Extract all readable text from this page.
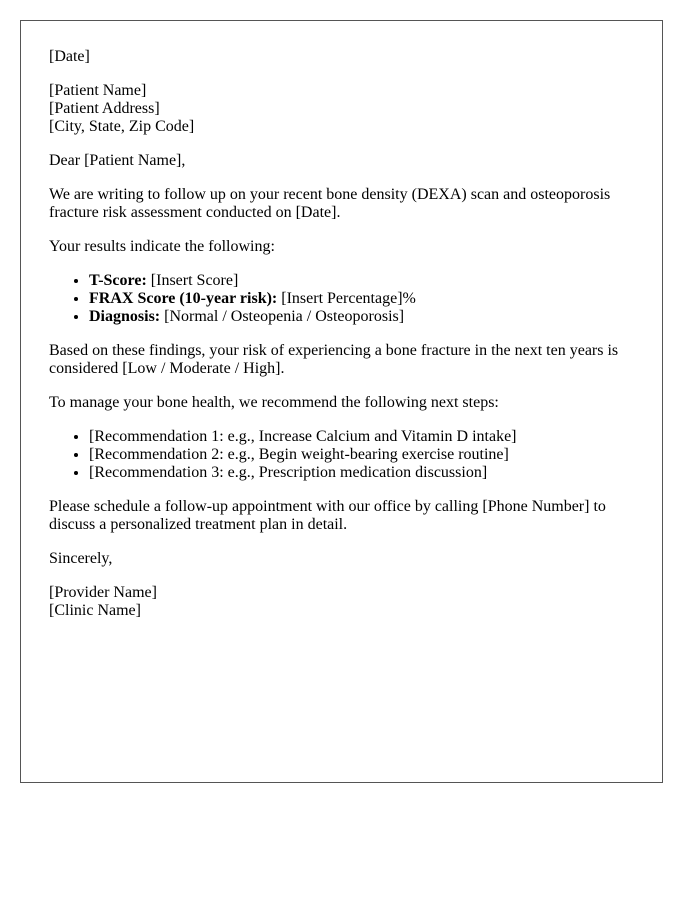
[Date]

[Patient Name]
[Patient Address]
[City, State, Zip Code]

Dear [Patient Name],

We are writing to follow up on your recent bone density (DEXA) scan and osteoporosis fracture risk assessment conducted on [Date].

Your results indicate the following:

• T-Score: [Insert Score]
• FRAX Score (10-year risk): [Insert Percentage]%
• Diagnosis: [Normal / Osteopenia / Osteoporosis]

Based on these findings, your risk of experiencing a bone fracture in the next ten years is considered [Low / Moderate / High].

To manage your bone health, we recommend the following next steps:

• [Recommendation 1: e.g., Increase Calcium and Vitamin D intake]
• [Recommendation 2: e.g., Begin weight-bearing exercise routine]
• [Recommendation 3: e.g., Prescription medication discussion]

Please schedule a follow-up appointment with our office by calling [Phone Number] to discuss a personalized treatment plan in detail.

Sincerely,

[Provider Name]
[Clinic Name]
